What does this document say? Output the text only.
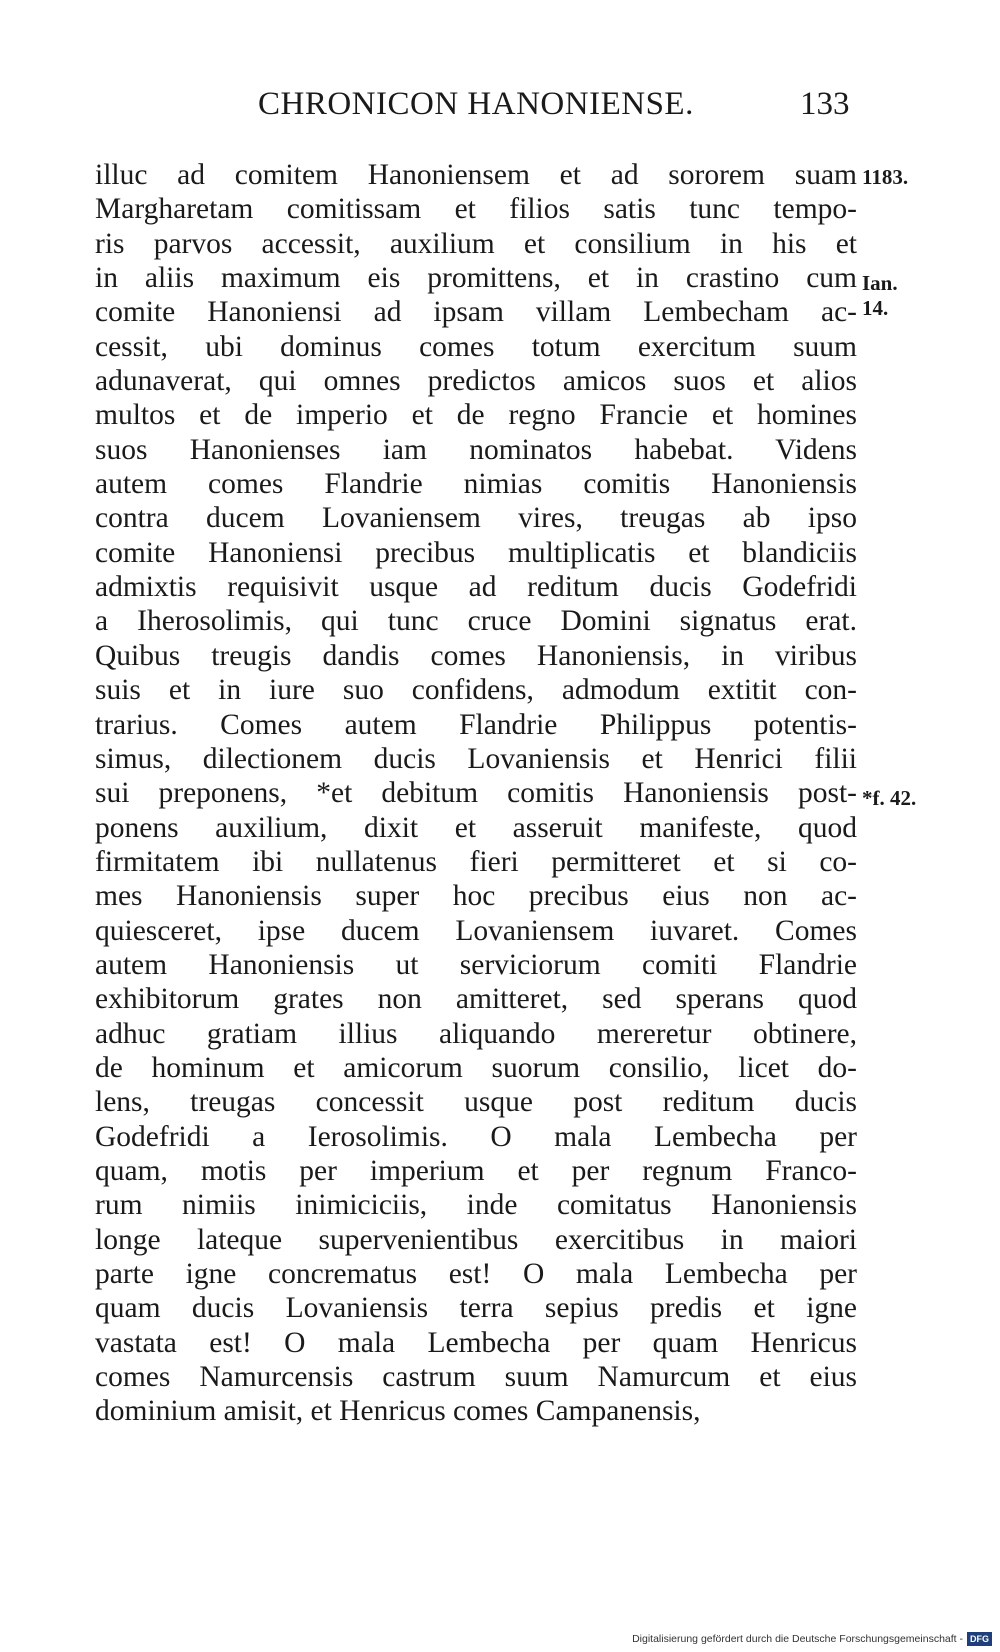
CHRONICON HANONIENSE.	133
illuc ad comitem Hanoniensem et ad sororem suam
Margharetam comitissam et filios satis tunc tempo-
ris parvos accessit, auxilium et consilium in his et
in aliis maximum eis promittens, et in crastino cum
comite Hanoniensi ad ipsam villam Lembecham ac-
cessit, ubi dominus comes totum exercitum suum
adunaverat, qui omnes predictos amicos suos et alios
multos et de imperio et de regno Francie et homines
suos Hanonienses iam nominatos habebat. Videns
autem comes Flandrie nimias comitis Hanoniensis
contra ducem Lovaniensem vires, treugas ab ipso
comite Hanoniensi precibus multiplicatis et blandiciis
admixtis requisivit usque ad reditum ducis Godefridi
a Iherosolimis, qui tunc cruce Domini signatus erat.
Quibus treugis dandis comes Hanoniensis, in viribus
suis et in iure suo confidens, admodum extitit con-
trarius. Comes autem Flandrie Philippus potentis-
simus, dilectionem ducis Lovaniensis et Henrici filii
sui preponens, *et debitum comitis Hanoniensis post-
ponens auxilium, dixit et asseruit manifeste, quod
firmitatem ibi nullatenus fieri permitteret et si co-
mes Hanoniensis super hoc precibus eius non ac-
quiesceret, ipse ducem Lovaniensem iuvaret. Comes
autem Hanoniensis ut serviciorum comiti Flandrie
exhibitorum grates non amitteret, sed sperans quod
adhuc gratiam illius aliquando mereretur obtinere,
de hominum et amicorum suorum consilio, licet do-
lens, treugas concessit usque post reditum ducis
Godefridi a Ierosolimis. O mala Lembecha per
quam, motis per imperium et per regnum Franco-
rum nimiis inimiciciis, inde comitatus Hanoniensis
longe lateque supervenientibus exercitibus in maiori
parte igne concrematus est! O mala Lembecha per
quam ducis Lovaniensis terra sepius predis et igne
vastata est! O mala Lembecha per quam Henricus
comes Namurcensis castrum suum Namurcum et eius
dominium amisit, et Henricus comes Campanensis,
1183.
Ian.
14.
*f. 42.
Digitalisierung gefördert durch die Deutsche Forschungsgemeinschaft - DFG
